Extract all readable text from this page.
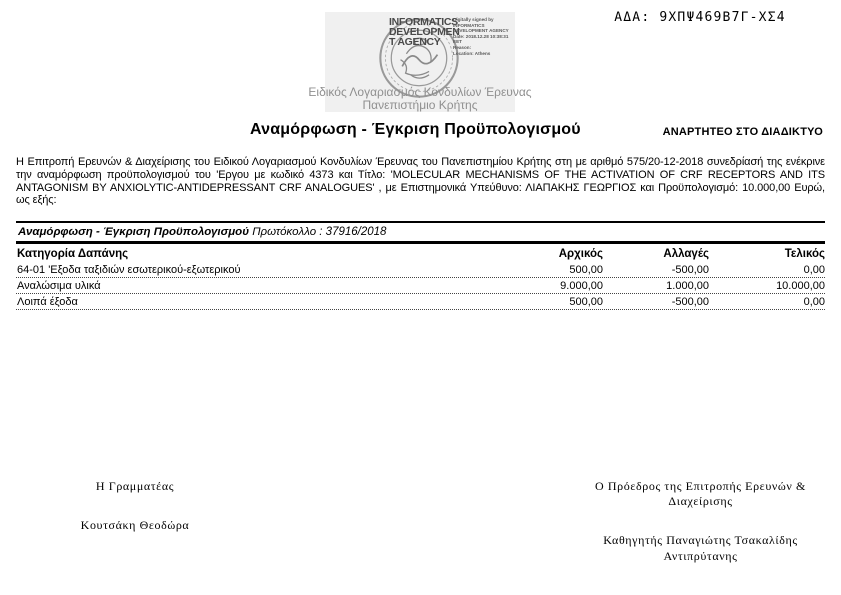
ΑΔΑ: 9ΧΠΨ469Β7Γ-ΧΣ4
INFORMATICS
DEVELOPMEN
T AGENCY
Digitally signed by
INFORMATICS
DEVELOPMENT AGENCY
Date: 2018.12.28 10:38:31
EET
Reason:
Location: Athens
Ειδικός Λογαριασμός Κονδυλίων Έρευνας
Πανεπιστήμιο Κρήτης
Αναμόρφωση - Έγκριση Προϋπολογισμού	ΑΝΑΡΤΗΤΕΟ ΣΤΟ ΔΙΑΔΙΚΤΥΟ
Η Επιτροπή Ερευνών & Διαχείρισης του Ειδικού Λογαριασμού Κονδυλίων Έρευνας του Πανεπιστημίου Κρήτης στη με αριθμό 575/20-12-2018 συνεδρίασή της ενέκρινε την αναμόρφωση προϋπολογισμού του 'Εργου με κωδικό 4373 και Τίτλο: 'MOLECULAR MECHANISMS OF THE ACTIVATION OF CRF RECEPTORS AND ITS ANTAGONISM BY ANXIOLYTIC-ANTIDEPRESSANT CRF ANALOGUES' , με Επιστημονικά Υπεύθυνο: ΛΙΑΠΑΚΗΣ ΓΕΩΡΓΙΟΣ και Προϋπολογισμό: 10.000,00 Ευρώ, ως εξής:
Αναμόρφωση - Έγκριση Προϋπολογισμού Πρωτόκολλο : 37916/2018
Κατηγορία Δαπάνης	Αρχικός	Αλλαγές	Τελικός
64-01 'Εξοδα ταξιδιών εσωτερικού-εξωτερικού	500,00	-500,00	0,00
Αναλώσιμα υλικά	9.000,00	1.000,00	10.000,00
Λοιπά έξοδα	500,00	-500,00	0,00
Η Γραμματέας
Κουτσάκη Θεοδώρα
Ο Πρόεδρος της Επιτροπής Ερευνών & Διαχείρισης
Καθηγητής Παναγιώτης Τσακαλίδης
Αντιπρύτανης
